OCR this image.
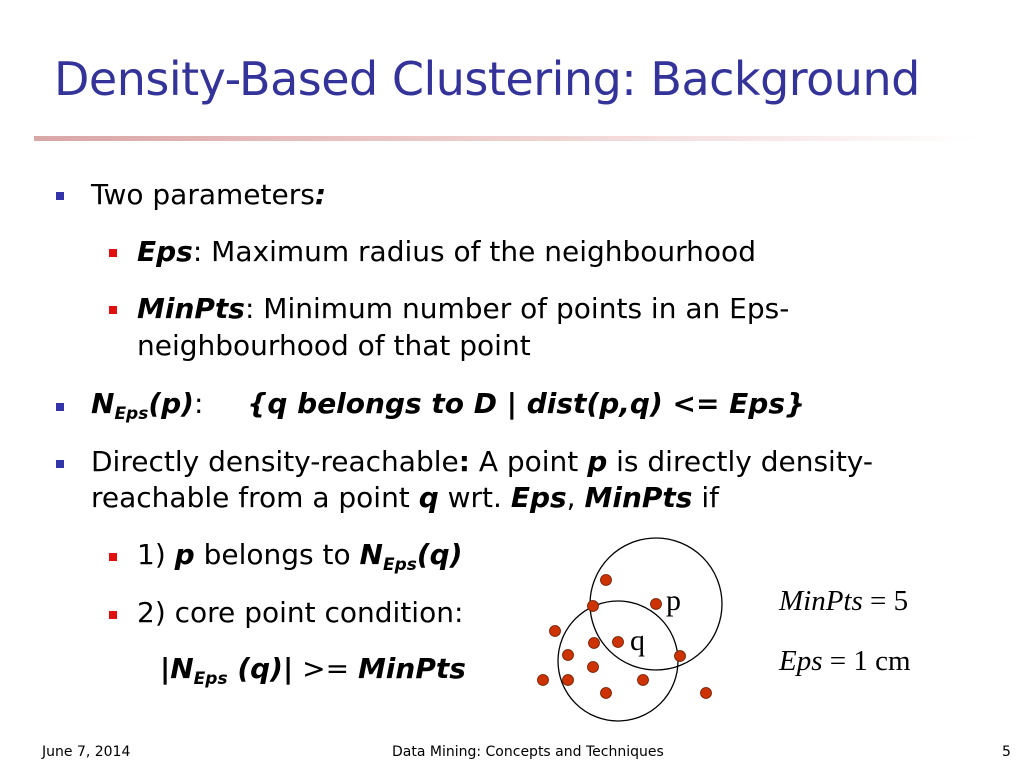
Density-Based Clustering: Background
Two parameters:
Eps: Maximum radius of the neighbourhood
MinPts: Minimum number of points in an Eps-
neighbourhood of that point
$N_{Eps}(p)$: {q belongs to D | dist(p,q) <= Eps}
Directly density-reachable: A point p is directly density-
reachable from a point q wrt. Eps, MinPts if
1) p belongs to $N_{Eps}(q)$
2) core point condition:
$|N_{Eps}$ (q)| >= MinPts
p
q
MinPts = 5
Eps = 1 cm
June 7, 2014	Data Mining: Concepts and Techniques	5
